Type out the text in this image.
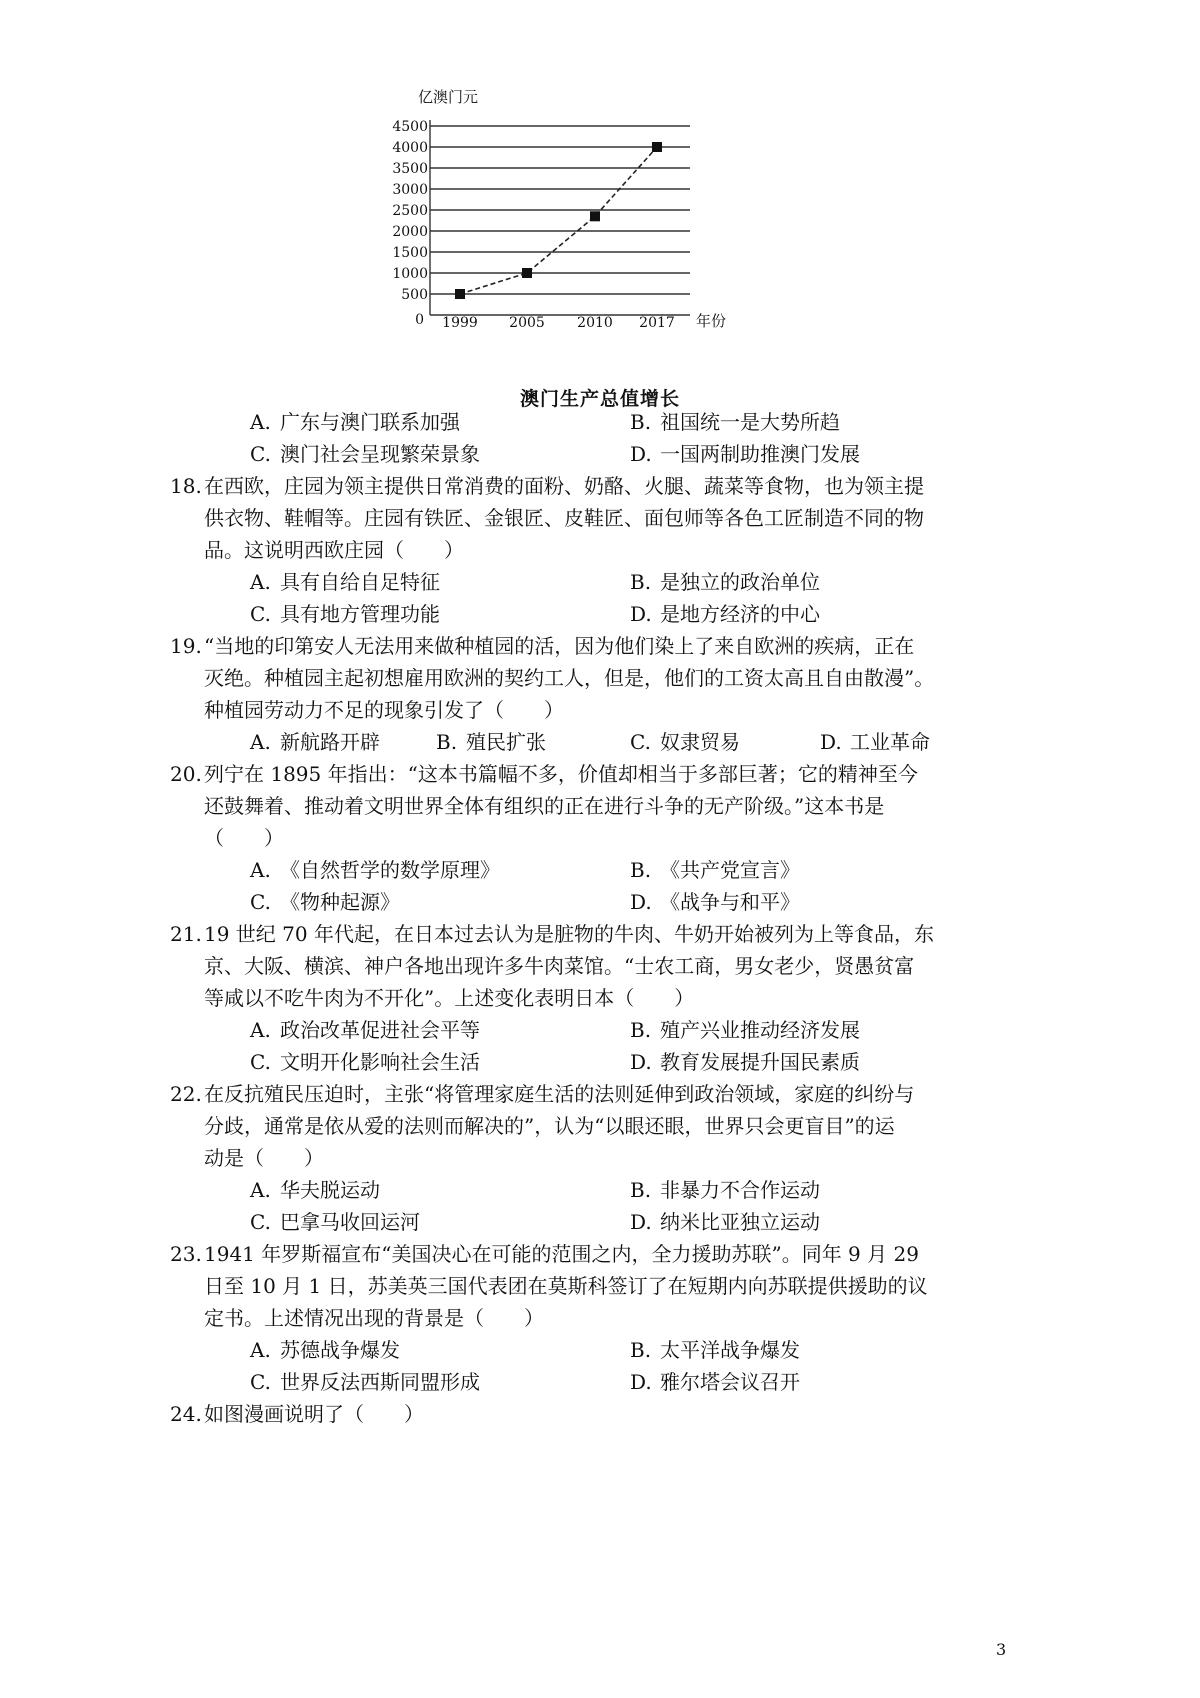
亿澳门元
500
1000
1500
2000
2500
3000
3500
4000
4500
0 1999 2005 2010 2017 年份
澳门生产总值增长
A. 广东与澳门联系加强	B. 祖国统一是大势所趋
C. 澳门社会呈现繁荣景象	D. 一国两制助推澳门发展
18. 在西欧，庄园为领主提供日常消费的面粉、奶酪、火腿、蔬菜等食物，也为领主提
供衣物、鞋帽等。庄园有铁匠、金银匠、皮鞋匠、面包师等各色工匠制造不同的物
品。这说明西欧庄园（　　）
A. 具有自给自足特征	B. 是独立的政治单位
C. 具有地方管理功能	D. 是地方经济的中心
19. “当地的印第安人无法用来做种植园的活，因为他们染上了来自欧洲的疾病，正在
灭绝。种植园主起初想雇用欧洲的契约工人，但是，他们的工资太高且自由散漫”。
种植园劳动力不足的现象引发了（　　）
A. 新航路开辟	B. 殖民扩张	C. 奴隶贸易	D. 工业革命
20. 列宁在 1895 年指出：“这本书篇幅不多，价值却相当于多部巨著；它的精神至今
还鼓舞着、推动着文明世界全体有组织的正在进行斗争的无产阶级。”这本书是
（　　）
A. 《自然哲学的数学原理》	B. 《共产党宣言》
C. 《物种起源》	D. 《战争与和平》
21. 19 世纪 70 年代起，在日本过去认为是脏物的牛肉、牛奶开始被列为上等食品，东
京、大阪、横滨、神户各地出现许多牛肉菜馆。“士农工商，男女老少，贤愚贫富
等咸以不吃牛肉为不开化”。上述变化表明日本（　　）
A. 政治改革促进社会平等	B. 殖产兴业推动经济发展
C. 文明开化影响社会生活	D. 教育发展提升国民素质
22. 在反抗殖民压迫时，主张“将管理家庭生活的法则延伸到政治领域，家庭的纠纷与
分歧，通常是依从爱的法则而解决的”，认为“以眼还眼，世界只会更盲目”的运
动是（　　）
A. 华夫脱运动	B. 非暴力不合作运动
C. 巴拿马收回运河	D. 纳米比亚独立运动
23. 1941 年罗斯福宣布“美国决心在可能的范围之内，全力援助苏联”。同年 9 月 29
日至 10 月 1 日，苏美英三国代表团在莫斯科签订了在短期内向苏联提供援助的议
定书。上述情况出现的背景是（　　）
A. 苏德战争爆发	B. 太平洋战争爆发
C. 世界反法西斯同盟形成	D. 雅尔塔会议召开
24. 如图漫画说明了（　　）
3
